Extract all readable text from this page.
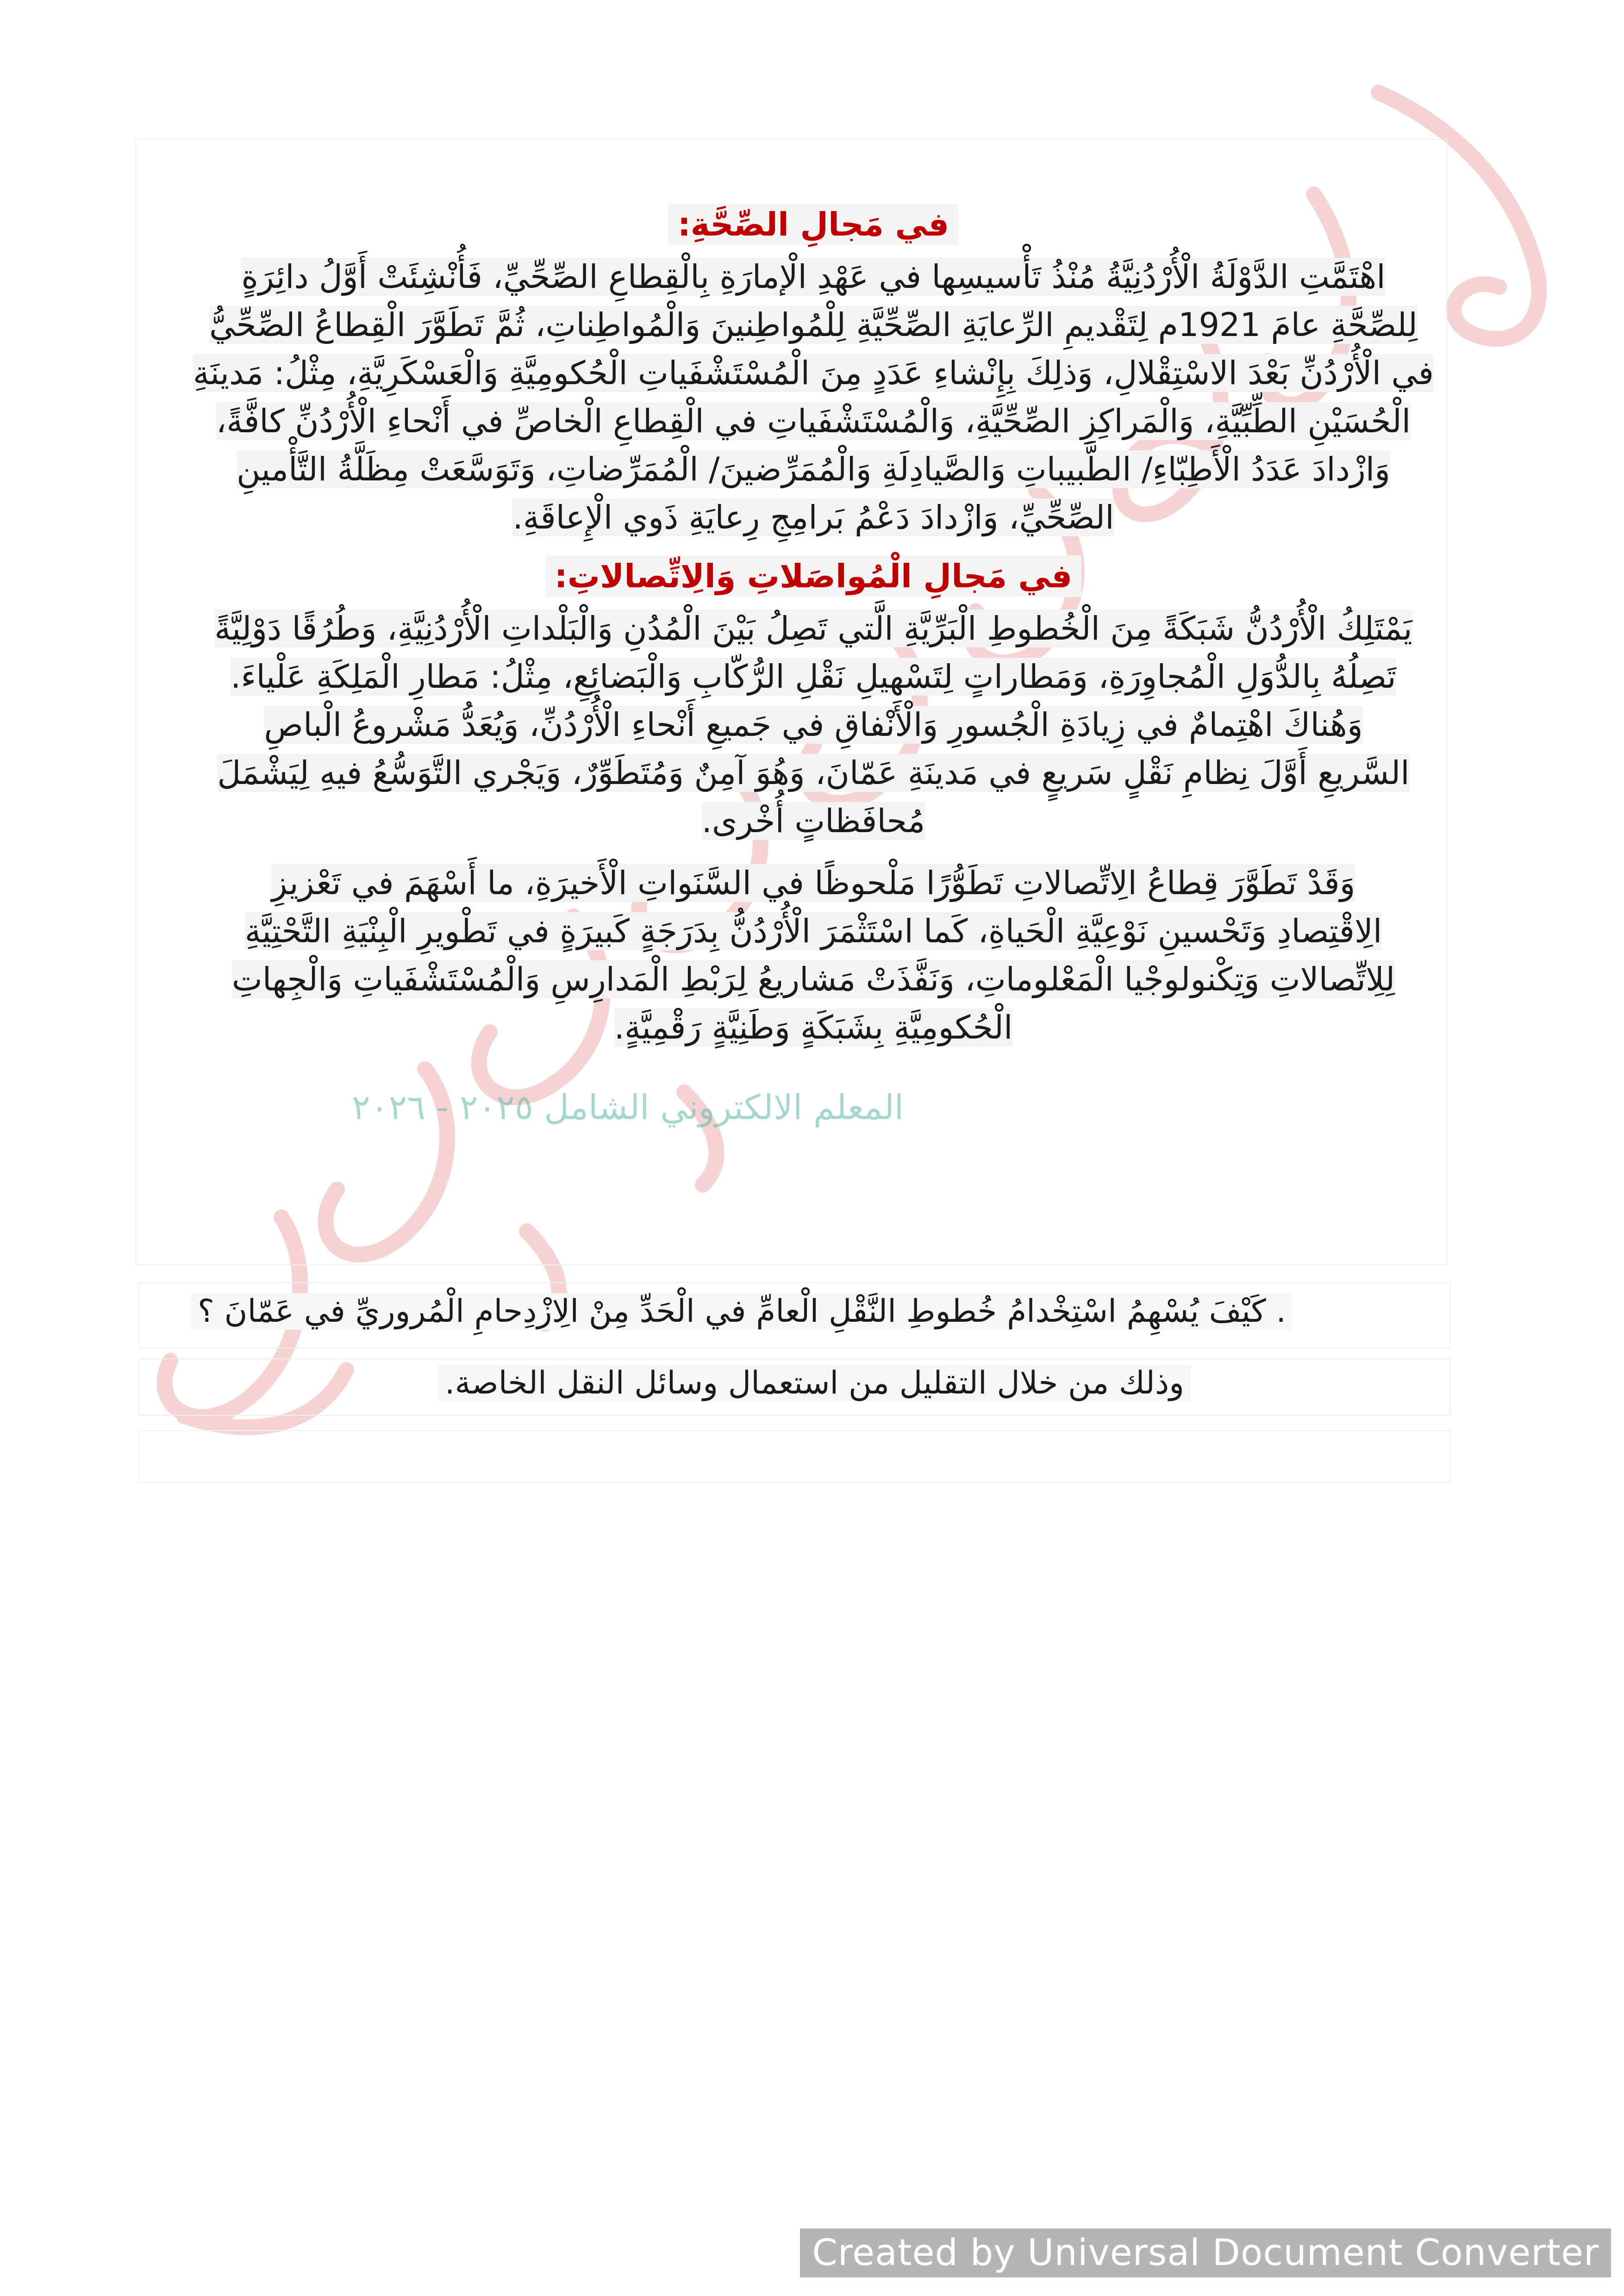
المعلم الالكتروني الشامل ٢٠٢٥ - ٢٠٢٦
في مَجالِ الصِّحَّةِ:
اهْتَمَّتِ الدَّوْلَةُ الْأُرْدُنِيَّةُ مُنْذُ تَأْسيسِها في عَهْدِ الْإمارَةِ بِالْقِطاعِ الصِّحِّيِّ، فَأُنْشِئَتْ أَوَّلُ دائِرَةٍ
لِلصِّحَّةِ عامَ 1921م لِتَقْديمِ الرِّعايَةِ الصِّحِّيَّةِ لِلْمُواطِنينَ وَالْمُواطِناتِ، ثُمَّ تَطَوَّرَ الْقِطاعُ الصِّحِّيُّ
في الْأُرْدُنِّ بَعْدَ الاسْتِقْلالِ، وَذلِكَ بِإِنْشاءِ عَدَدٍ مِنَ الْمُسْتَشْفَياتِ الْحُكومِيَّةِ وَالْعَسْكَرِيَّةِ، مِثْلُ: مَدينَةِ
الْحُسَيْنِ الطِّبِّيَّةِ، وَالْمَراكِزِ الصِّحِّيَّةِ، وَالْمُسْتَشْفَياتِ في الْقِطاعِ الْخاصِّ في أَنْحاءِ الْأُرْدُنِّ كافَّةً،
وَازْدادَ عَدَدُ الْأَطِبّاءِ/ الطَّبيباتِ وَالصَّيادِلَةِ وَالْمُمَرِّضينَ/ الْمُمَرِّضاتِ، وَتَوَسَّعَتْ مِظَلَّةُ التَّأْمينِ
الصِّحِّيِّ، وَازْدادَ دَعْمُ بَرامِجِ رِعايَةِ ذَوي الْإِعاقَةِ.
في مَجالِ الْمُواصَلاتِ وَالِاتِّصالاتِ:
يَمْتَلِكُ الْأُرْدُنُّ شَبَكَةً مِنَ الْخُطوطِ الْبَرِّيَّةِ الَّتي تَصِلُ بَيْنَ الْمُدُنِ وَالْبَلْداتِ الْأُرْدُنِيَّةِ، وَطُرُقًا دَوْلِيَّةً
تَصِلُهُ بِالدُّوَلِ الْمُجاوِرَةِ، وَمَطاراتٍ لِتَسْهيلِ نَقْلِ الرُّكّابِ وَالْبَضائِعِ، مِثْلُ: مَطارِ الْمَلِكَةِ عَلْياءَ.
وَهُناكَ اهْتِمامٌ في زِيادَةِ الْجُسورِ وَالْأَنْفاقِ في جَميعِ أَنْحاءِ الْأُرْدُنِّ، وَيُعَدُّ مَشْروعُ الْباصِ
السَّريعِ أَوَّلَ نِظامِ نَقْلٍ سَريعٍ في مَدينَةِ عَمّانَ، وَهُوَ آمِنٌ وَمُتَطَوِّرٌ، وَيَجْري التَّوَسُّعُ فيهِ لِيَشْمَلَ
مُحافَظاتٍ أُخْرى.
وَقَدْ تَطَوَّرَ قِطاعُ الِاتِّصالاتِ تَطَوُّرًا مَلْحوظًا في السَّنَواتِ الْأَخيرَةِ، ما أَسْهَمَ في تَعْزيزِ
الِاقْتِصادِ وَتَحْسينِ نَوْعِيَّةِ الْحَياةِ، كَما اسْتَثْمَرَ الْأُرْدُنُّ بِدَرَجَةٍ كَبيرَةٍ في تَطْويرِ الْبِنْيَةِ التَّحْتِيَّةِ
لِلِاتِّصالاتِ وَتِكْنولوجْيا الْمَعْلوماتِ، وَنَفَّذَتْ مَشاريعُ لِرَبْطِ الْمَدارِسِ وَالْمُسْتَشْفَياتِ وَالْجِهاتِ
الْحُكومِيَّةِ بِشَبَكَةٍ وَطَنِيَّةٍ رَقْمِيَّةٍ.
. كَيْفَ يُسْهِمُ اسْتِخْدامُ خُطوطِ النَّقْلِ الْعامِّ في الْحَدِّ مِنْ الِازْدِحامِ الْمُروريِّ في عَمّانَ ؟
وذلك من خلال التقليل من استعمال وسائل النقل الخاصة.
Created by Universal Document Converter
